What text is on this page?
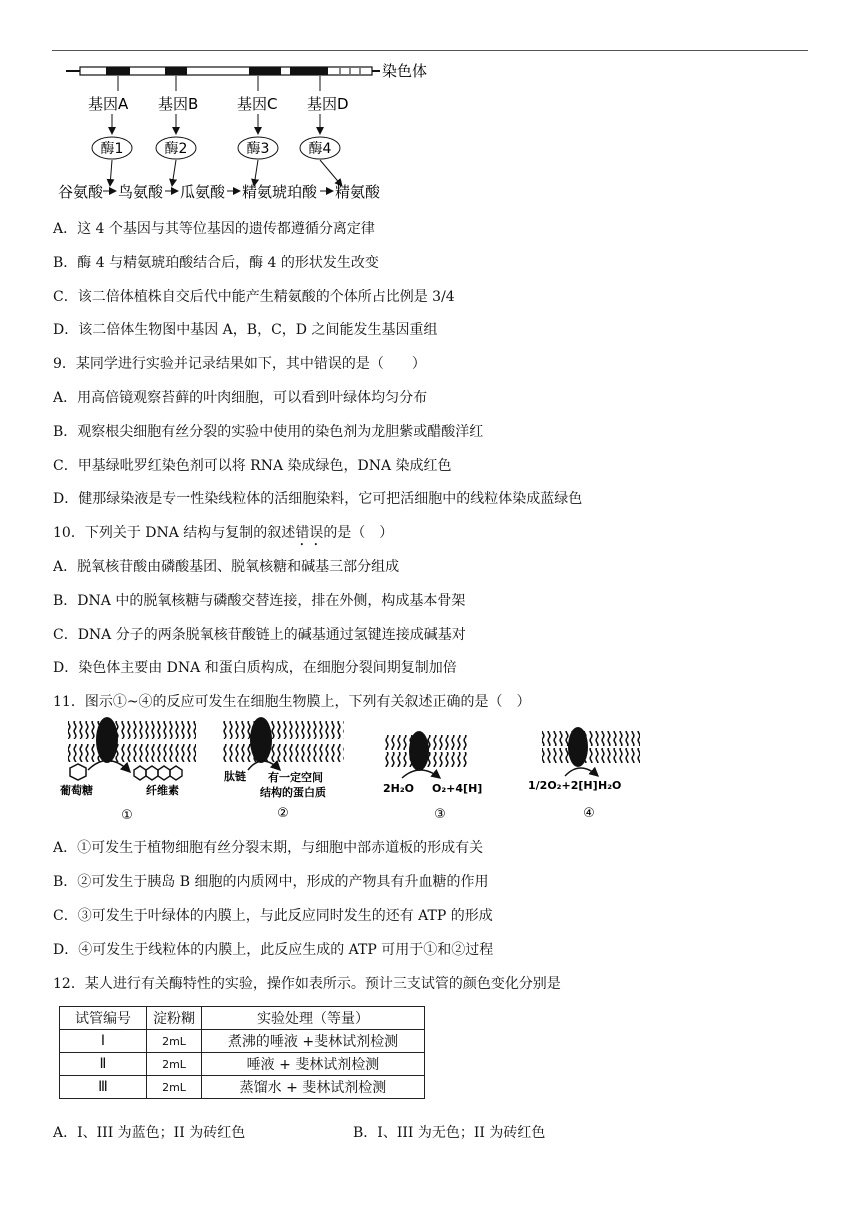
染色体
基因A 基因B	基因C 基因D
酶1	酶2	酶3	酶4
谷氨酸 鸟氨酸 瓜氨酸 精氨琥珀酸 精氨酸
A．这 4 个基因与其等位基因的遗传都遵循分离定律
B．酶 4 与精氨琥珀酸结合后，酶 4 的形状发生改变
C．该二倍体植株自交后代中能产生精氨酸的个体所占比例是 3/4
D．该二倍体生物图中基因 A，B，C，D 之间能发生基因重组
9．某同学进行实验并记录结果如下，其中错误的是（　　）
A．用高倍镜观察苔藓的叶肉细胞，可以看到叶绿体均匀分布
B．观察根尖细胞有丝分裂的实验中使用的染色剂为龙胆紫或醋酸洋红
C．甲基绿吡罗红染色剂可以将 RNA 染成绿色，DNA 染成红色
D．健那绿染液是专一性染线粒体的活细胞染料，它可把活细胞中的线粒体染成蓝绿色
10．下列关于 DNA 结构与复制的叙述错误的是（　）
A．脱氧核苷酸由磷酸基团、脱氧核糖和碱基三部分组成
B．DNA 中的脱氧核糖与磷酸交替连接，排在外侧，构成基本骨架
C．DNA 分子的两条脱氧核苷酸链上的碱基通过氢键连接成碱基对
D．染色体主要由 DNA 和蛋白质构成，在细胞分裂间期复制加倍
11．图示①~④的反应可发生在细胞生物膜上，下列有关叙述正确的是（　）
葡萄糖	纤维素
①
肽链 有一定空间
结构的蛋白质
②
2H₂O O₂+4[H]
③
1/2O₂+2[H] H₂O
④
A．①可发生于植物细胞有丝分裂末期，与细胞中部赤道板的形成有关
B．②可发生于胰岛 B 细胞的内质网中，形成的产物具有升血糖的作用
C．③可发生于叶绿体的内膜上，与此反应同时发生的还有 ATP 的形成
D．④可发生于线粒体的内膜上，此反应生成的 ATP 可用于①和②过程
12．某人进行有关酶特性的实验，操作如表所示。预计三支试管的颜色变化分别是
试管编号	淀粉糊	实验处理（等量）
Ⅰ	2mL	煮沸的唾液 +斐林试剂检测
Ⅱ	2mL	唾液 + 斐林试剂检测
Ⅲ	2mL	蒸馏水 + 斐林试剂检测
A．I、III 为蓝色；II 为砖红色	B．I、III 为无色；II 为砖红色
